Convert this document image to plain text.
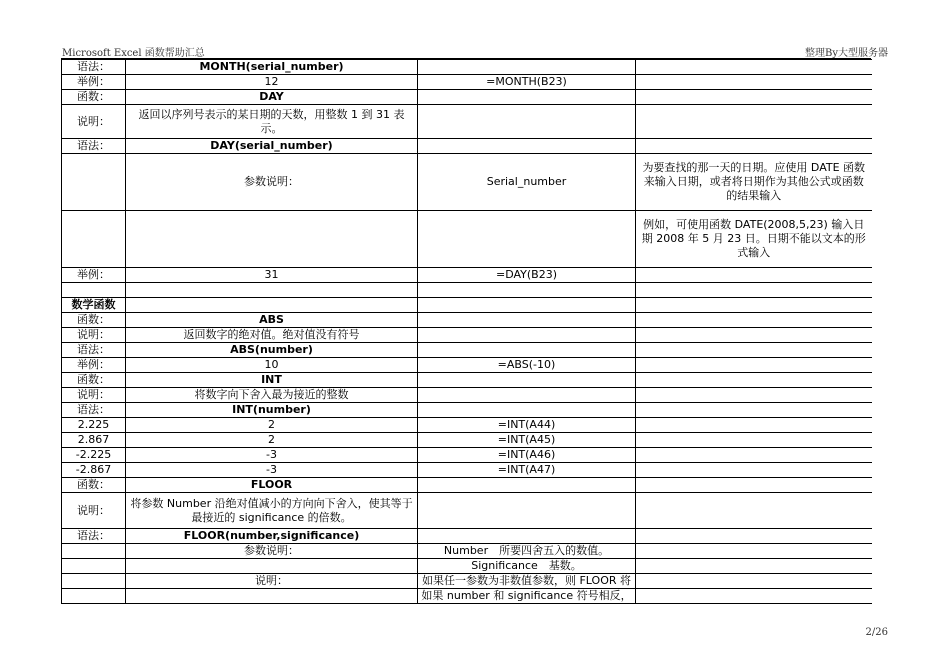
Microsoft Excel 函数帮助汇总	整理By大型服务器
语法：	MONTH(serial_number)		
举例：	12	=MONTH(B23)	
函数：	DAY		
说明：	返回以序列号表示的某日期的天数，用整数 1 到 31 表示。		
语法：	DAY(serial_number)		
	参数说明：	Serial_number	为要查找的那一天的日期。应使用 DATE 函数来输入日期，或者将日期作为其他公式或函数的结果输入
			例如，可使用函数 DATE(2008,5,23) 输入日期 2008 年 5 月 23 日。日期不能以文本的形式输入
举例：	31	=DAY(B23)	

数学函数			
函数：	ABS		
说明：	返回数字的绝对值。绝对值没有符号		
语法：	ABS(number)		
举例：	10	=ABS(-10)	
函数：	INT		
说明：	将数字向下舍入最为接近的整数		
语法：	INT(number)		
2.225	2	=INT(A44)	
2.867	2	=INT(A45)	
-2.225	-3	=INT(A46)	
-2.867	-3	=INT(A47)	
函数：	FLOOR		
说明：	将参数 Number 沿绝对值减小的方向向下舍入，使其等于最接近的 significance 的倍数。		
语法：	FLOOR(number,significance)		
	参数说明：	Number　所要四舍五入的数值。	
		Significance　基数。	
	说明：	如果任一参数为非数值参数，则 FLOOR 将	
		如果 number 和 significance 符号相反，	
2/26
